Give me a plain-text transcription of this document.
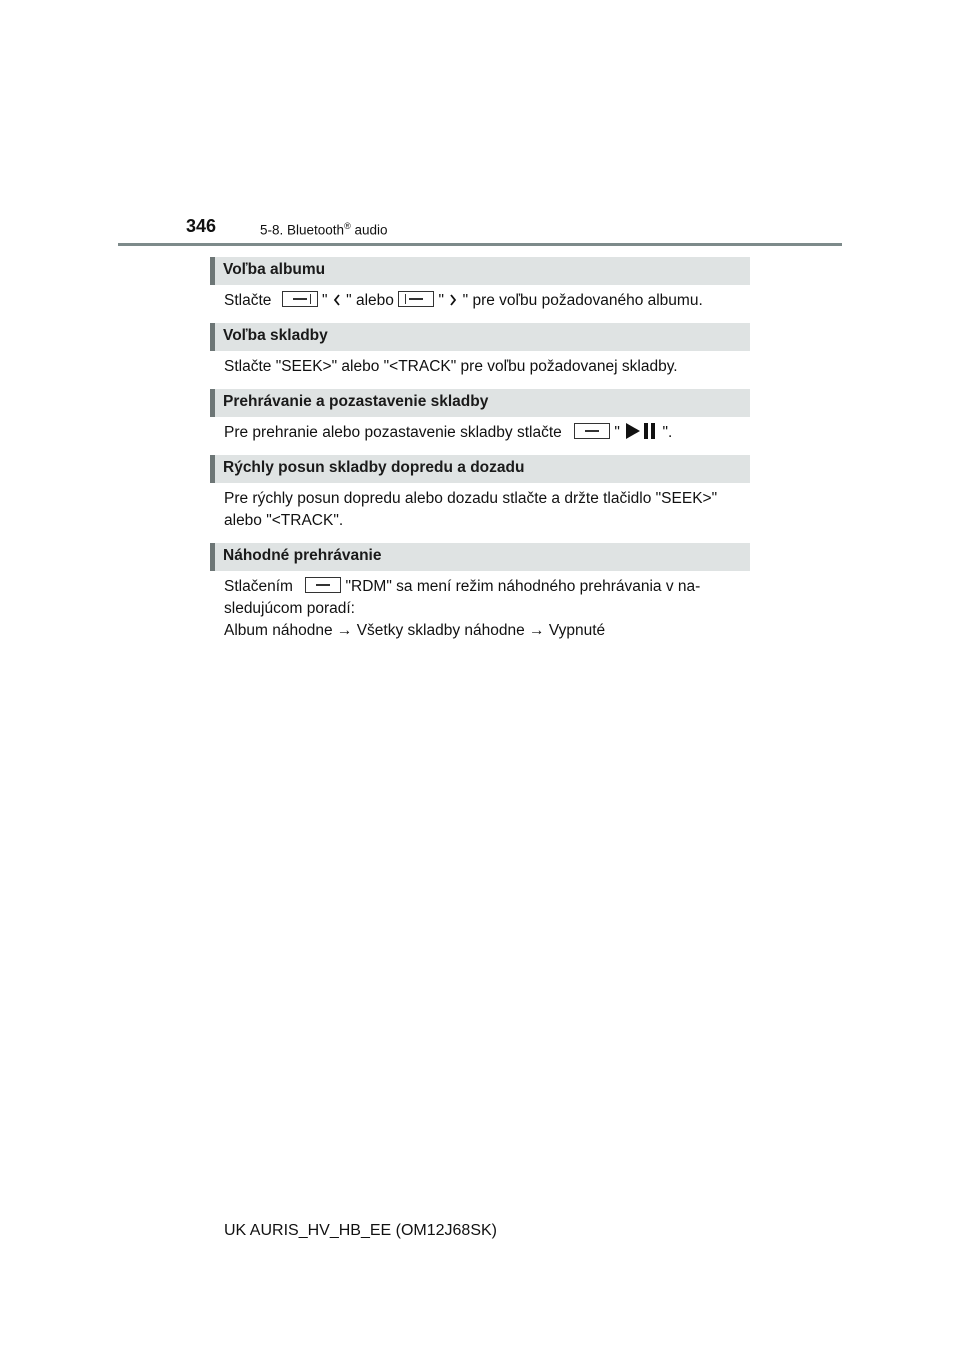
346	5-8. Bluetooth® audio
Voľba albumu
Stlačte	" " alebo	" " pre voľbu požadovaného albumu.
Voľba skladby
Stlačte "SEEK>" alebo "<TRACK" pre voľbu požadovanej skladby.
Prehrávanie a pozastavenie skladby
Pre prehranie alebo pozastavenie skladby stlačte	"	".
Rýchly posun skladby dopredu a dozadu
Pre rýchly posun dopredu alebo dozadu stlačte a držte tlačidlo "SEEK>"
alebo "<TRACK".
Náhodné prehrávanie
Stlačením	"RDM" sa mení režim náhodného prehrávania v na-
sledujúcom poradí:
Album náhodne → Všetky skladby náhodne → Vypnuté
UK AURIS_HV_HB_EE (OM12J68SK)
